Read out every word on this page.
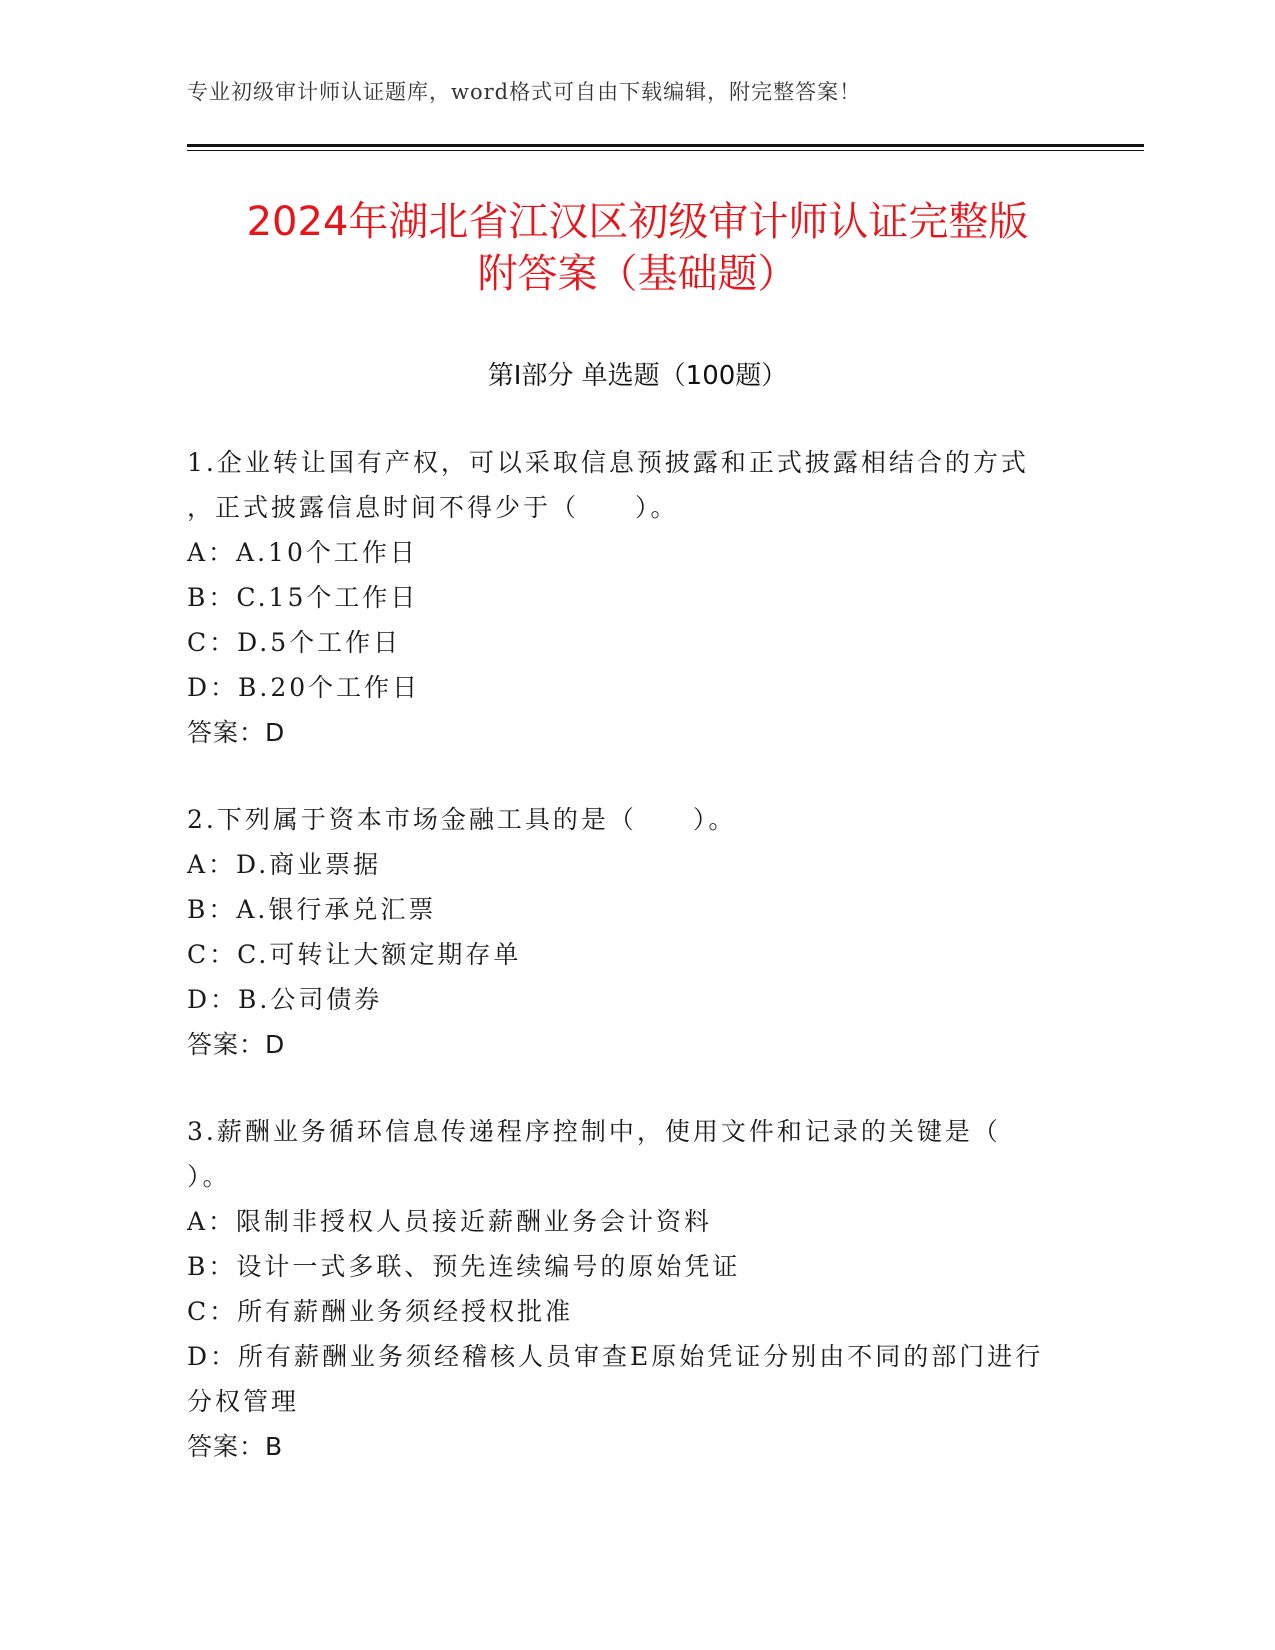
专业初级审计师认证题库，word格式可自由下载编辑，附完整答案！
2024年湖北省江汉区初级审计师认证完整版
附答案（基础题）
第Ⅰ部分 单选题（100题）
1.企业转让国有产权，可以采取信息预披露和正式披露相结合的方式
，正式披露信息时间不得少于（　　）。
A：A.10个工作日
B：C.15个工作日
C：D.5个工作日
D：B.20个工作日
答案：D
2.下列属于资本市场金融工具的是（　　）。
A：D.商业票据
B：A.银行承兑汇票
C：C.可转让大额定期存单
D：B.公司债券
答案：D
3.薪酬业务循环信息传递程序控制中，使用文件和记录的关键是（
）。
A：限制非授权人员接近薪酬业务会计资料
B：设计一式多联、预先连续编号的原始凭证
C：所有薪酬业务须经授权批准
D：所有薪酬业务须经稽核人员审查E原始凭证分别由不同的部门进行
分权管理
答案：B
